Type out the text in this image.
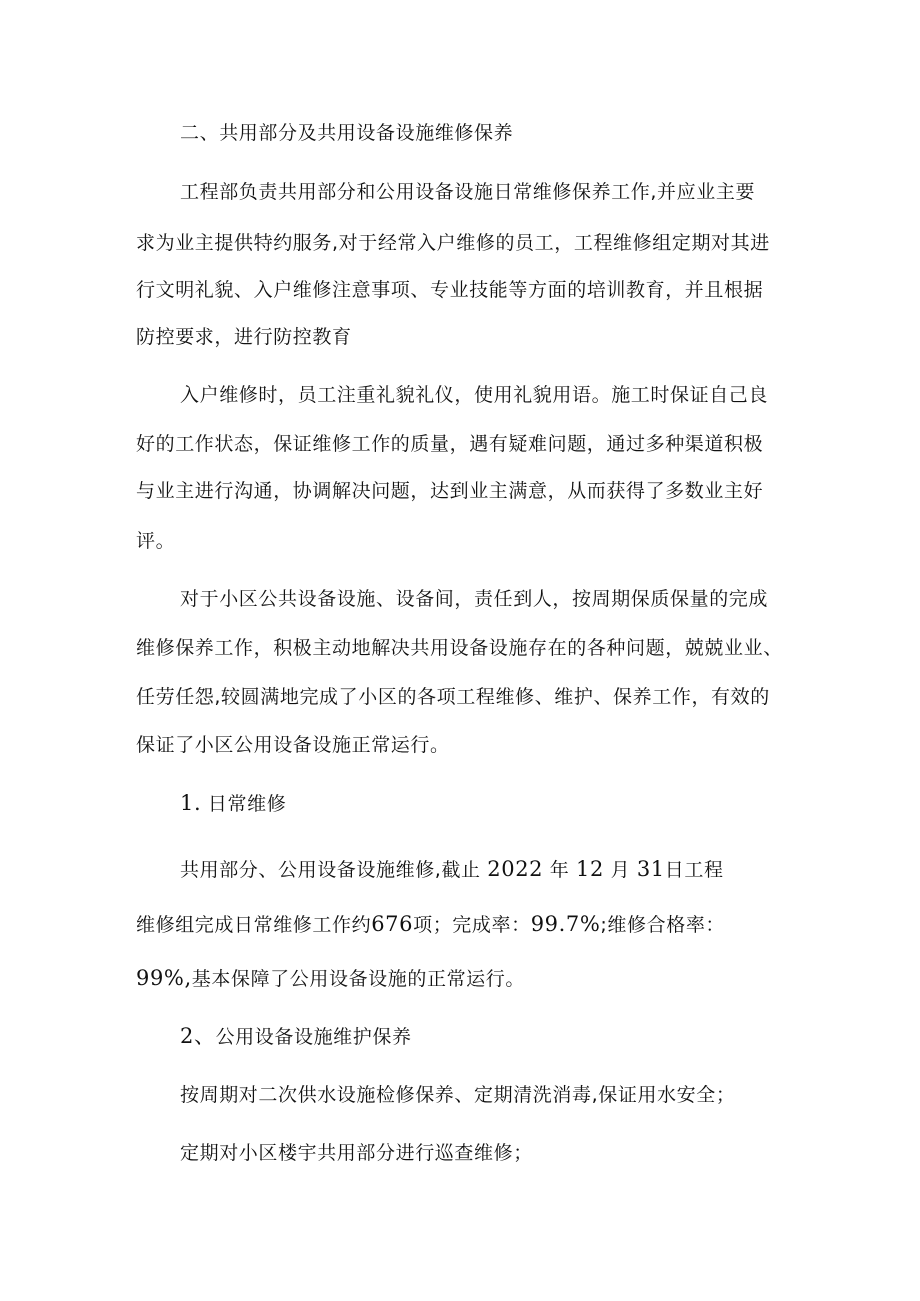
二、共用部分及共用设备设施维修保养
工程部负责共用部分和公用设备设施日常维修保养工作,并应业主要
求为业主提供特约服务,对于经常入户维修的员工，工程维修组定期对其进
行文明礼貌、入户维修注意事项、专业技能等方面的培训教育，并且根据
防控要求，进行防控教育
入户维修时，员工注重礼貌礼仪，使用礼貌用语。施工时保证自己良
好的工作状态，保证维修工作的质量，遇有疑难问题，通过多种渠道积极
与业主进行沟通，协调解决问题，达到业主满意，从而获得了多数业主好
评。
对于小区公共设备设施、设备间，责任到人，按周期保质保量的完成
维修保养工作，积极主动地解决共用设备设施存在的各种问题，兢兢业业、
任劳任怨,较圆满地完成了小区的各项工程维修、维护、保养工作，有效的
保证了小区公用设备设施正常运行。
1. 日常维修
共用部分、公用设备设施维修,截止 2022 年 12 月 31日工程
维修组完成日常维修工作约676项；完成率：99.7%;维修合格率：
99%,基本保障了公用设备设施的正常运行。
2、公用设备设施维护保养
按周期对二次供水设施检修保养、定期清洗消毒,保证用水安全；
定期对小区楼宇共用部分进行巡查维修；
